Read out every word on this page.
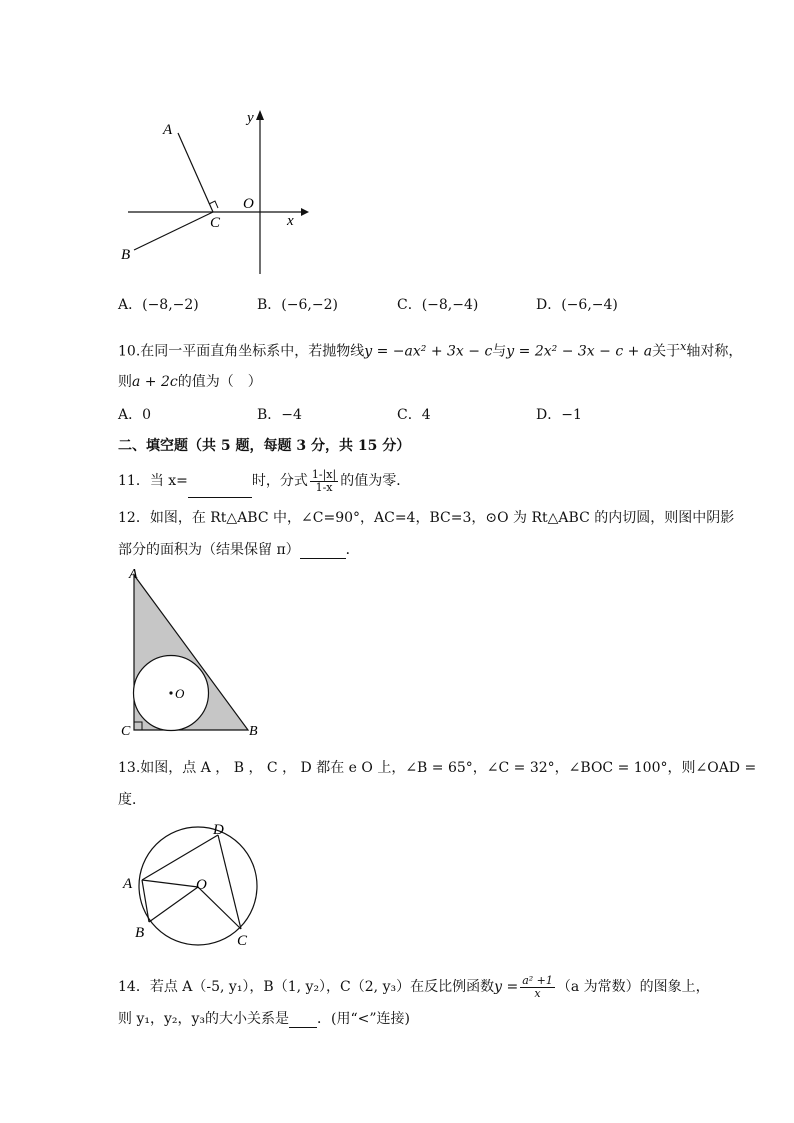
A
B
C
O
x
y
A．(−8,−2)	B．(−6,−2)	C．(−8,−4)	D．(−6,−4)
10.在同一平面直角坐标系中，若抛物线y = −ax² + 3x − c与y = 2x² − 3x − c + a关于$^x$轴对称，
则a + 2c的值为（　）
A．0	B．−4	C．4	D．−1
二、填空题（共 5 题，每题 3 分，共 15 分）
11．当 x=	时，分式 $\frac{1-|x|}{1-x}$ 的值为零．
12．如图，在 Rt△ABC 中，∠C=90°，AC=4，BC=3，⊙O 为 Rt△ABC 的内切圆，则图中阴影
部分的面积为（结果保留 π）	．
A
B
C
O
13.如图，点 A ， B ， C ， D 都在 e O 上，∠B = 65°，∠C = 32°，∠BOC = 100°，则∠OAD =
度．
A
B	C
D
O
14．若点 A（-5, y₁），B（1, y₂），C（2, y₃）在反比例函数$y = \frac{\text{a² +1}}{x} (a$ 为常数）的图象上，
则 y₁，y₂，y₃的大小关系是 ．(用“<”连接)
